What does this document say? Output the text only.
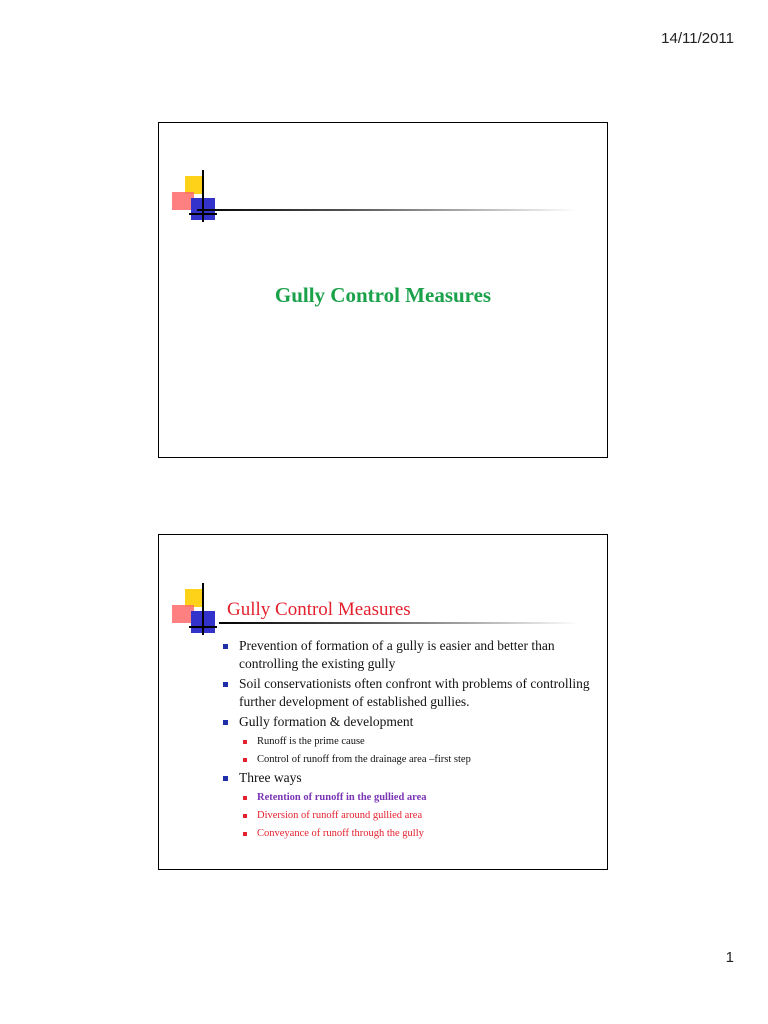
14/11/2011
Gully Control Measures
Gully Control Measures
Prevention of formation of a gully is easier and better than controlling the existing gully
Soil conservationists often confront with problems of controlling further development of established gullies.
Gully formation & development
Runoff is the prime cause
Control of runoff from the drainage area –first step
Three ways
Retention of runoff in the gullied area
Diversion of runoff around gullied area
Conveyance of runoff through the gully
1
